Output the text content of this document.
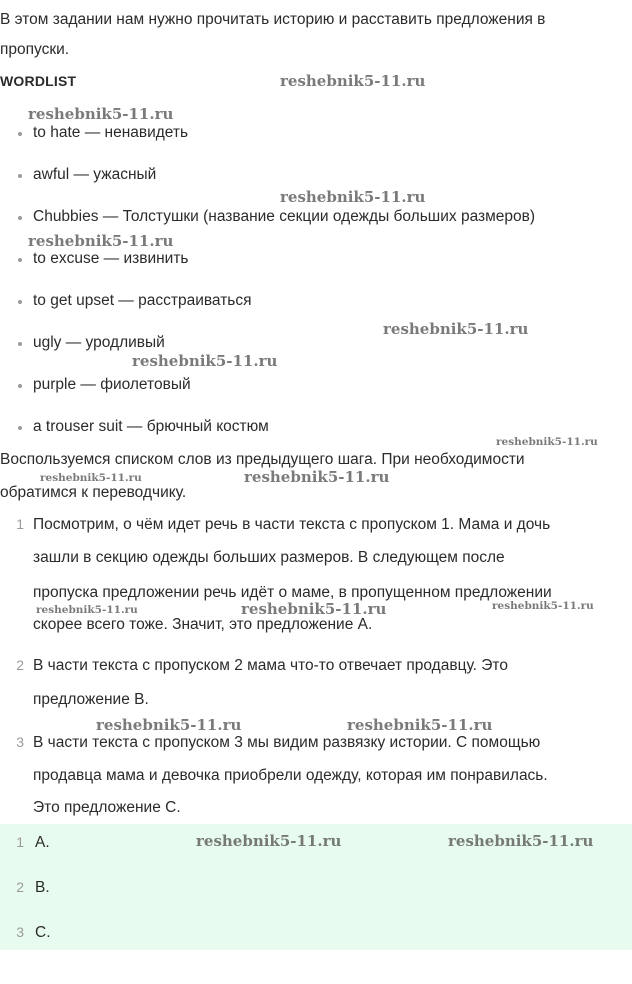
В этом задании нам нужно прочитать историю и расставить предложения в
пропуски.
WORDLIST
to hate — ненавидеть
awful — ужасный
Chubbies — Толстушки (название секции одежды больших размеров)
to excuse — извинить
to get upset — расстраиваться
ugly — уродливый
purple — фиолетовый
a trouser suit — брючный костюм
Воспользуемся списком слов из предыдущего шага. При необходимости
обратимся к переводчику.
1 Посмотрим, о чём идет речь в части текста с пропуском 1. Мама и дочь
зашли в секцию одежды больших размеров. В следующем после
пропуска предложении речь идёт о маме, в пропущенном предложении
скорее всего тоже. Значит, это предложение A.
2 В части текста с пропуском 2 мама что-то отвечает продавцу. Это
предложение B.
3 В части текста с пропуском 3 мы видим развязку истории. С помощью
продавца мама и девочка приобрели одежду, которая им понравилась.
Это предложение C.
1 A.
2 B.
3 C.
reshebnik5-11.ru
reshebnik5-11.ru
reshebnik5-11.ru
reshebnik5-11.ru
reshebnik5-11.ru
reshebnik5-11.ru
reshebnik5-11.ru
reshebnik5-11.ru	reshebnik5-11.ru
reshebnik5-11.ru	reshebnik5-11.ru	reshebnik5-11.ru
reshebnik5-11.ru	reshebnik5-11.ru
reshebnik5-11.ru	reshebnik5-11.ru
